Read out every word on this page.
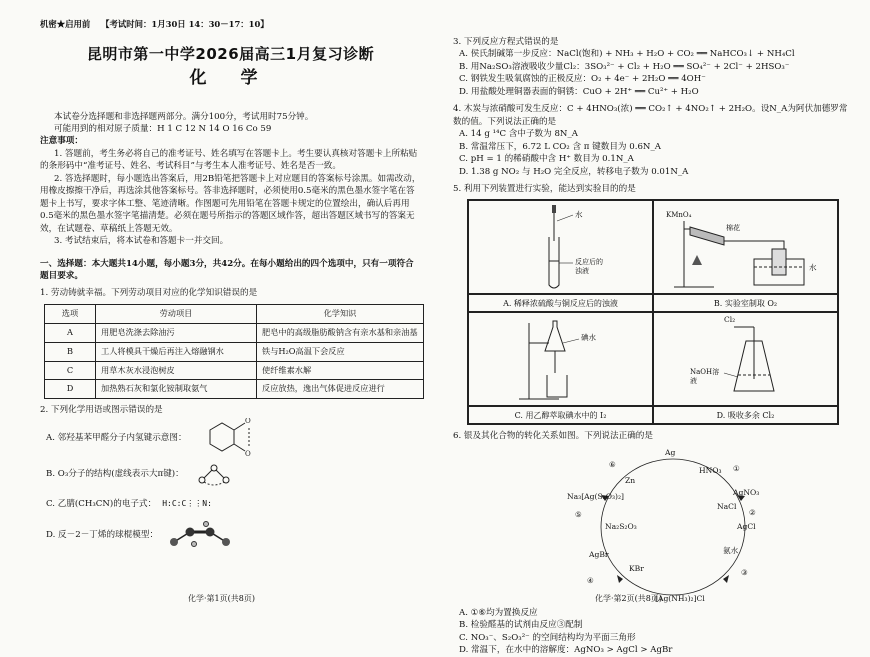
机密★启用前 【考试时间：1月30日 14：30－17：10】
昆明市第一中学2026届高三1月复习诊断
化 学

本试卷分选择题和非选择题两部分。满分100分，考试用时75分钟。

可能用到的相对原子质量：H 1 C 12 N 14 O 16 Co 59

注意事项：

1. 答题前，考生务必将自己的准考证号、姓名填写在答题卡上。考生要认真核对答题卡上所粘贴的条形码中“准考证号、姓名、考试科目”与考生本人准考证号、姓名是否一致。

2. 答选择题时，每小题选出答案后，用2B铅笔把答题卡上对应题目的答案标号涂黑。如需改动，用橡皮擦擦干净后，再选涂其他答案标号。答非选择题时，必须使用0.5毫米的黑色墨水签字笔在答题卡上书写，要求字体工整、笔迹清晰。作图题可先用铅笔在答题卡规定的位置绘出，确认后再用0.5毫米的黑色墨水签字笔描清楚。必须在题号所指示的答题区域作答，超出答题区域书写的答案无效，在试题卷、草稿纸上答题无效。

3. 考试结束后，将本试卷和答题卡一并交回。

一、选择题：本大题共14小题，每小题3分，共42分。在每小题给出的四个选项中，只有一项符合题目要求。

1. 劳动铸就幸福。下列劳动项目对应的化学知识错误的是

选项	劳动项目	化学知识
A	用肥皂洗涤去除油污	肥皂中的高级脂肪酸钠含有亲水基和亲油基
B	工人将模具干燥后再注入熔融钢水	铁与H₂O高温下会反应
C	用草木灰水浸泡树皮	使纤维素水解
D	加热熟石灰和氯化铵制取氨气	反应放热，逸出气体促进反应进行

2. 下列化学用语或图示错误的是

A. 邻羟基苯甲醛分子内氢键示意图：
O
O
B. O₃分子的结构(虚线表示大π键)：
C. 乙腈(CH₃CN)的电子式： H:C:C⋮⋮N:
D. 反－2－丁烯的球棍模型：
化学·第1页(共8页)

3. 下列反应方程式错误的是

A. 侯氏制碱第一步反应：NaCl(饱和) + NH₃ + H₂O + CO₂ ══ NaHCO₃↓ + NH₄Cl

B. 用Na₂SO₃溶液吸收少量Cl₂：3SO₃²⁻ + Cl₂ + H₂O ══ SO₄²⁻ + 2Cl⁻ + 2HSO₃⁻

C. 钢铁发生吸氧腐蚀的正极反应：O₂ + 4e⁻ + 2H₂O ══ 4OH⁻

D. 用盐酸处理铜器表面的铜锈：CuO + 2H⁺ ══ Cu²⁺ + H₂O

4. 木炭与浓硝酸可发生反应：C + 4HNO₃(浓) ══ CO₂↑ + 4NO₂↑ + 2H₂O。设N_A为阿伏加德罗常数的值。下列说法正确的是

A. 14 g ¹⁴C 含中子数为 8N_A

B. 常温常压下，6.72 L CO₂ 含 π 键数目为 0.6N_A

C. pH = 1 的稀硝酸中含 H⁺ 数目为 0.1N_A

D. 1.38 g NO₂ 与 H₂O 完全反应，转移电子数为 0.01N_A

5. 利用下列装置进行实验，能达到实验目的的是

水
反应后的浊液
KMnO₄
棉花
水
A. 稀释浓硫酸与铜反应后的浊液	B. 实验室制取 O₂
碘水
Cl₂
NaOH溶液
C. 用乙醇萃取碘水中的 I₂	D. 吸收多余 Cl₂

6. 银及其化合物的转化关系如图。下列说法正确的是

Ag
HNO₃ ①
AgNO₃
NaCl
②
AgCl
氨水
③
[Ag(NH₃)₂]Cl
KBr
④
AgBr
Na₂S₂O₃
⑤
Na₃[Ag(S₂O₃)₂]
Zn
⑥

A. ①⑥均为置换反应

B. 检验醛基的试剂由反应③配制

C. NO₃⁻、S₂O₃²⁻ 的空间结构均为平面三角形

D. 常温下，在水中的溶解度：AgNO₃ > AgCl > AgBr

化学·第2页(共8页)
